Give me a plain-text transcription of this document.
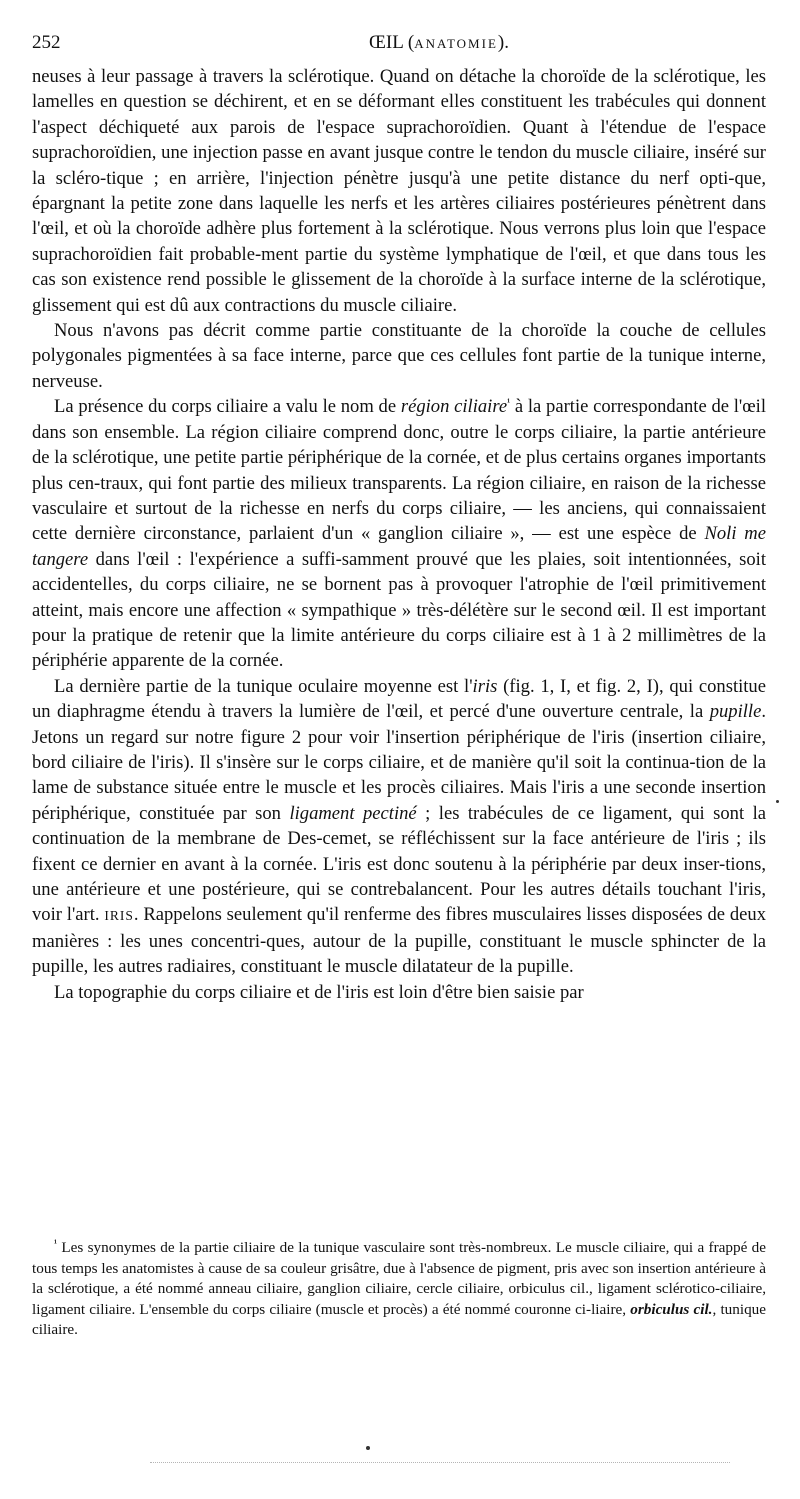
252	ŒIL (ANATOMIE).

neuses à leur passage à travers la sclérotique. Quand on détache la choroïde de la sclérotique, les lamelles en question se déchirent, et en se déformant elles constituent les trabécules qui donnent l'aspect déchiqueté aux parois de l'espace suprachoroïdien. Quant à l'étendue de l'espace suprachoroïdien, une injection passe en avant jusque contre le tendon du muscle ciliaire, inséré sur la scléro-tique ; en arrière, l'injection pénètre jusqu'à une petite distance du nerf opti-que, épargnant la petite zone dans laquelle les nerfs et les artères ciliaires postérieures pénètrent dans l'œil, et où la choroïde adhère plus fortement à la sclérotique. Nous verrons plus loin que l'espace suprachoroïdien fait probable-ment partie du système lymphatique de l'œil, et que dans tous les cas son existence rend possible le glissement de la choroïde à la surface interne de la sclérotique, glissement qui est dû aux contractions du muscle ciliaire.

Nous n'avons pas décrit comme partie constituante de la choroïde la couche de cellules polygonales pigmentées à sa face interne, parce que ces cellules font partie de la tunique interne, nerveuse.

La présence du corps ciliaire a valu le nom de région ciliaire$^{^1}$ à la partie correspondante de l'œil dans son ensemble. La région ciliaire comprend donc, outre le corps ciliaire, la partie antérieure de la sclérotique, une petite partie périphérique de la cornée, et de plus certains organes importants plus cen-traux, qui font partie des milieux transparents. La région ciliaire, en raison de la richesse vasculaire et surtout de la richesse en nerfs du corps ciliaire, — les anciens, qui connaissaient cette dernière circonstance, parlaient d'un « ganglion ciliaire », — est une espèce de Noli me tangere dans l'œil : l'expérience a suffi-samment prouvé que les plaies, soit intentionnées, soit accidentelles, du corps ciliaire, ne se bornent pas à provoquer l'atrophie de l'œil primitivement atteint, mais encore une affection « sympathique » très-délétère sur le second œil. Il est important pour la pratique de retenir que la limite antérieure du corps ciliaire est à 1 à 2 millimètres de la périphérie apparente de la cornée.

La dernière partie de la tunique oculaire moyenne est l'iris (fig. 1, I, et fig. 2, I), qui constitue un diaphragme étendu à travers la lumière de l'œil, et percé d'une ouverture centrale, la pupille. Jetons un regard sur notre figure 2 pour voir l'insertion périphérique de l'iris (insertion ciliaire, bord ciliaire de l'iris). Il s'insère sur le corps ciliaire, et de manière qu'il soit la continua-tion de la lame de substance située entre le muscle et les procès ciliaires. Mais l'iris a une seconde insertion périphérique, constituée par son ligament pectiné ; les trabécules de ce ligament, qui sont la continuation de la membrane de Des-cemet, se réfléchissent sur la face antérieure de l'iris ; ils fixent ce dernier en avant à la cornée. L'iris est donc soutenu à la périphérie par deux inser-tions, une antérieure et une postérieure, qui se contrebalancent. Pour les autres détails touchant l'iris, voir l'art. IRIS. Rappelons seulement qu'il renferme des fibres musculaires lisses disposées de deux manières : les unes concentri-ques, autour de la pupille, constituant le muscle sphincter de la pupille, les autres radiaires, constituant le muscle dilatateur de la pupille.

La topographie du corps ciliaire et de l'iris est loin d'être bien saisie par

$^{^1}$ Les synonymes de la partie ciliaire de la tunique vasculaire sont très-nombreux. Le muscle ciliaire, qui a frappé de tous temps les anatomistes à cause de sa couleur grisâtre, due à l'absence de pigment, pris avec son insertion antérieure à la sclérotique, a été nommé anneau ciliaire, ganglion ciliaire, cercle ciliaire, orbiculus cil., ligament sclérotico-ciliaire, ligament ciliaire. L'ensemble du corps ciliaire (muscle et procès) a été nommé couronne ci-liaire, orbiculus cil., tunique ciliaire.
